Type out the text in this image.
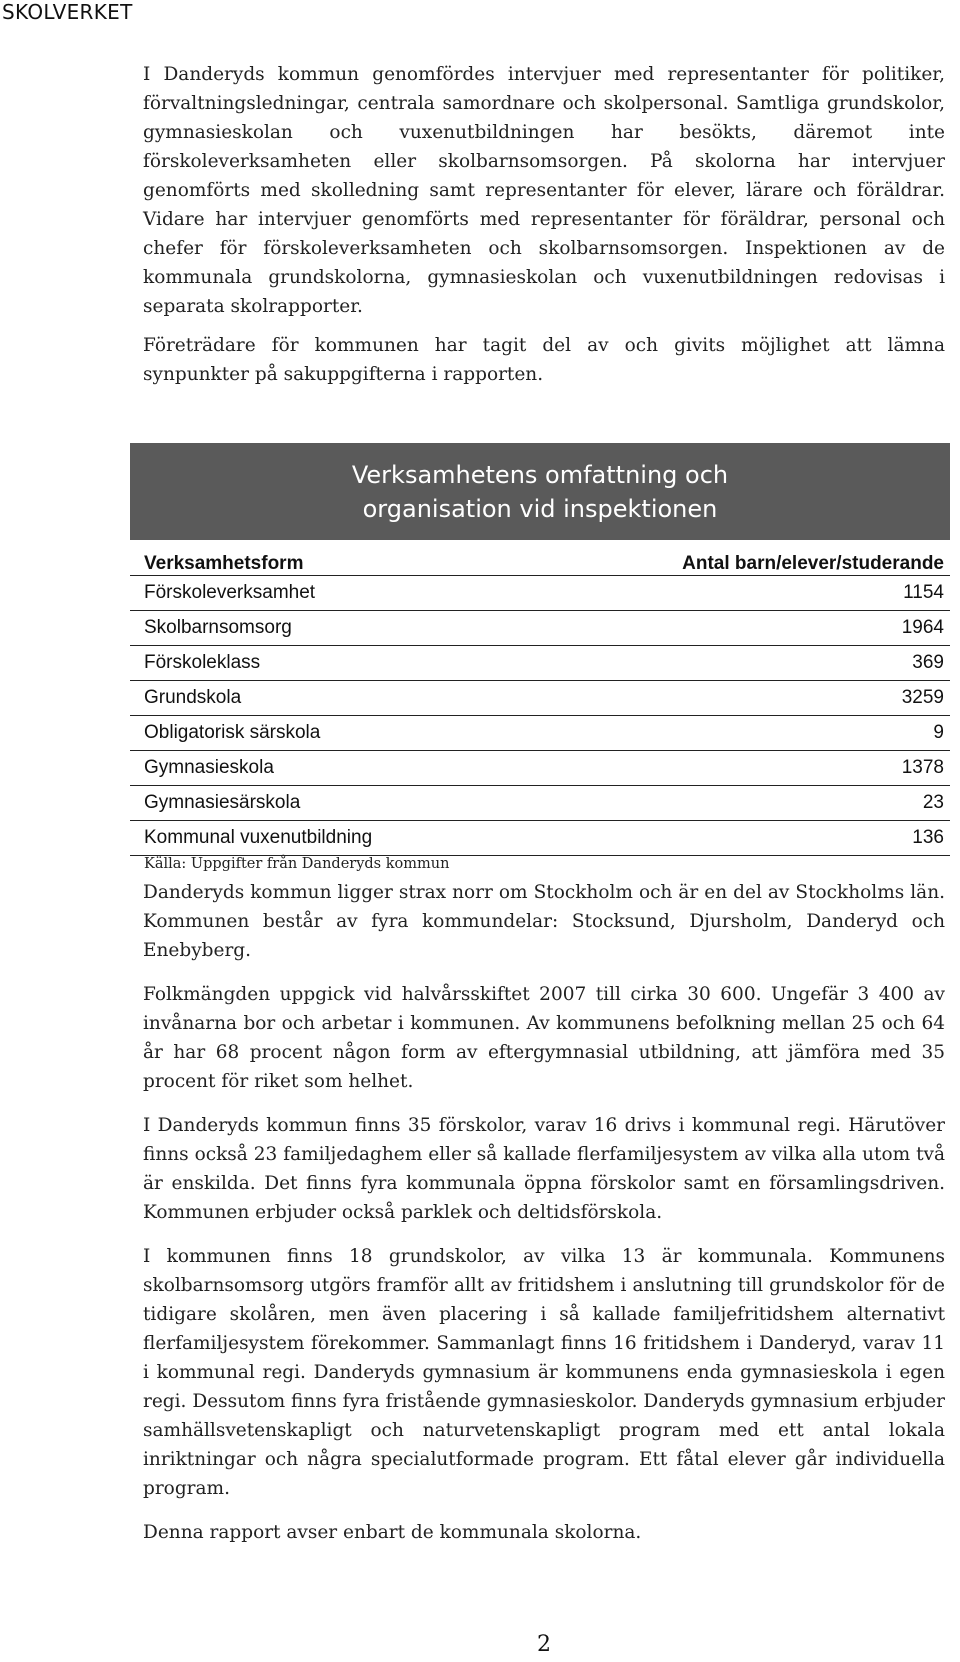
SKOLVERKET

I Danderyds kommun genomfördes intervjuer med representanter för politiker, förvaltningsledningar, centrala samordnare och skolpersonal. Samtliga grundskolor, gymnasieskolan och vuxenutbildningen har besökts, däremot inte förskoleverksamheten eller skolbarnsomsorgen. På skolorna har intervjuer genomförts med skolledning samt representanter för elever, lärare och föräldrar. Vidare har intervjuer genomförts med representanter för föräldrar, personal och chefer för förskoleverksamheten och skolbarnsomsorgen. Inspektionen av de kommunala grundskolorna, gymnasieskolan och vuxenutbildningen redovisas i separata skolrapporter.

Företrädare för kommunen har tagit del av och givits möjlighet att lämna synpunkter på sakuppgifterna i rapporten.

Verksamhetens omfattning och
organisation vid inspektionen
Verksamhetsform	Antal barn/elever/studerande
Förskoleverksamhet	1154
Skolbarnsomsorg	1964
Förskoleklass	369
Grundskola	3259
Obligatorisk särskola	9
Gymnasieskola	1378
Gymnasiesärskola	23
Kommunal vuxenutbildning	136
Källa: Uppgifter från Danderyds kommun

Danderyds kommun ligger strax norr om Stockholm och är en del av Stockholms län. Kommunen består av fyra kommundelar: Stocksund, Djursholm, Danderyd och Enebyberg.

Folkmängden uppgick vid halvårsskiftet 2007 till cirka 30 600. Ungefär 3 400 av invånarna bor och arbetar i kommunen. Av kommunens befolkning mellan 25 och 64 år har 68 procent någon form av eftergymnasial utbildning, att jämföra med 35 procent för riket som helhet.

I Danderyds kommun finns 35 förskolor, varav 16 drivs i kommunal regi. Härutöver finns också 23 familjedaghem eller så kallade flerfamiljesystem av vilka alla utom två är enskilda. Det finns fyra kommunala öppna förskolor samt en församlingsdriven. Kommunen erbjuder också parklek och deltidsförskola.

I kommunen finns 18 grundskolor, av vilka 13 är kommunala. Kommunens skolbarnsomsorg utgörs framför allt av fritidshem i anslutning till grundskolor för de tidigare skolåren, men även placering i så kallade familjefritidshem alternativt flerfamiljesystem förekommer. Sammanlagt finns 16 fritidshem i Danderyd, varav 11 i kommunal regi. Danderyds gymnasium är kommunens enda gymnasieskola i egen regi. Dessutom finns fyra fristående gymnasieskolor. Danderyds gymnasium erbjuder samhällsvetenskapligt och naturvetenskapligt program med ett antal lokala inriktningar och några specialutformade program. Ett fåtal elever går individuella program.

Denna rapport avser enbart de kommunala skolorna.

2
